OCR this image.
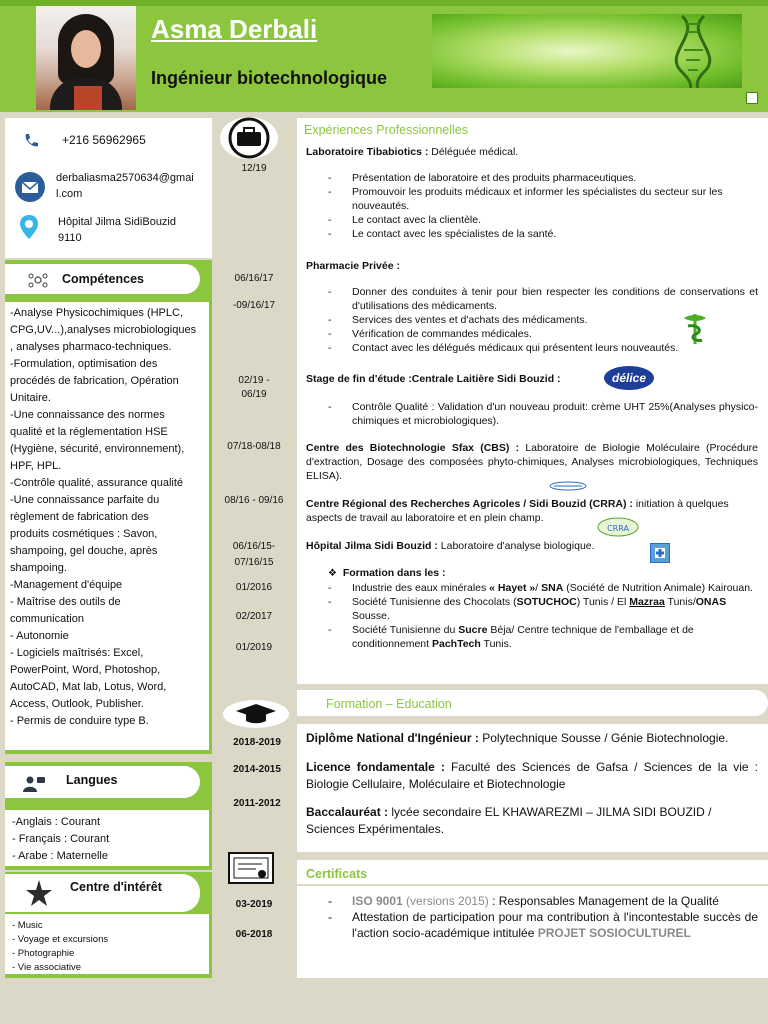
Asma Derbali
Ingénieur biotechnologique
+216 56962965
derbaliasma2570634@gmai
l.com
Hôpital Jilma SidiBouzid
9110
Compétences
-Analyse Physicochimiques (HPLC,
CPG,UV...),analyses microbiologiques
, analyses pharmaco-techniques.
-Formulation, optimisation des
procédés de fabrication, Opération
Unitaire.
-Une connaissance des normes
qualité et la réglementation HSE
(Hygiène, sécurité, environnement),
HPF, HPL.
-Contrôle qualité, assurance qualité
-Une connaissance parfaite du
règlement de fabrication des
produits cosmétiques : Savon,
shampoing, gel douche, après
shampoing.
-Management d'équipe
- Maîtrise des outils de
communication
- Autonomie
- Logiciels maîtrisés: Excel,
PowerPoint, Word, Photoshop,
AutoCAD, Mat lab, Lotus, Word,
Access, Outlook, Publisher.
- Permis de conduire type B.
Langues
-Anglais : Courant
- Français : Courant
- Arabe : Maternelle
Centre d'intérêt
- Music
- Voyage et excursions
- Photographie
- Vie associative
12/19
06/16/17
-09/16/17
02/19 -
06/19
07/18-08/18
08/16 - 09/16
06/16/15-
07/16/15
01/2016
02/2017
01/2019
2018-2019
2014-2015
2011-2012
03-2019
06-2018
Expériences Professionnelles
Laboratoire Tibabiotics : Déléguée médical.
- Présentation de laboratoire et des produits pharmaceutiques.
- Promouvoir les produits médicaux et informer les spécialistes du secteur sur les nouveautés.
- Le contact avec la clientèle.
- Le contact avec les spécialistes de la santé.
Pharmacie Privée :
- Donner des conduites à tenir pour bien respecter les conditions de conservations et d'utilisations des médicaments.
- Services des ventes et d'achats des médicaments.
- Vérification de commandes médicales.
- Contact avec les délégués médicaux qui présentent leurs nouveautés.
Stage de fin d'étude :Centrale Laitière Sidi Bouzid :
- Contrôle Qualité : Validation d'un nouveau produit: crème UHT 25%(Analyses physico-chimiques et microbiologiques).
délice
Centre des Biotechnologie Sfax (CBS) : Laboratoire de Biologie Moléculaire (Procédure d'extraction, Dosage des composées phyto-chimiques, Analyses microbiologiques, Techniques ELISA).
Centre Régional des Recherches Agricoles / Sidi Bouzid (CRRA) : initiation à quelques aspects de travail au laboratoire et en plein champ.
CRRA
Hôpital Jilma Sidi Bouzid : Laboratoire d'analyse biologique.
❖ Formation dans les :
- Industrie des eaux minérales « Hayet »/ SNA (Société de Nutrition Animale) Kairouan.
- Société Tunisienne des Chocolats (SOTUCHOC) Tunis / El Mazraa Tunis/ONAS Sousse.
- Société Tunisienne du Sucre Béja/ Centre technique de l'emballage et de conditionnement PachTech Tunis.
Formation – Education
Diplôme National d'Ingénieur : Polytechnique Sousse / Génie Biotechnologie.
Licence fondamentale : Faculté des Sciences de Gafsa / Sciences de la vie : Biologie Cellulaire, Moléculaire et Biotechnologie
Baccalauréat : lycée secondaire EL KHAWAREZMI – JILMA SIDI BOUZID / Sciences Expérimentales.
Certificats
- ISO 9001 (versions 2015) : Responsables Management de la Qualité
- Attestation de participation pour ma contribution à l'incontestable succès de l'action socio-académique intitulée PROJET SOSIOCULTUREL
